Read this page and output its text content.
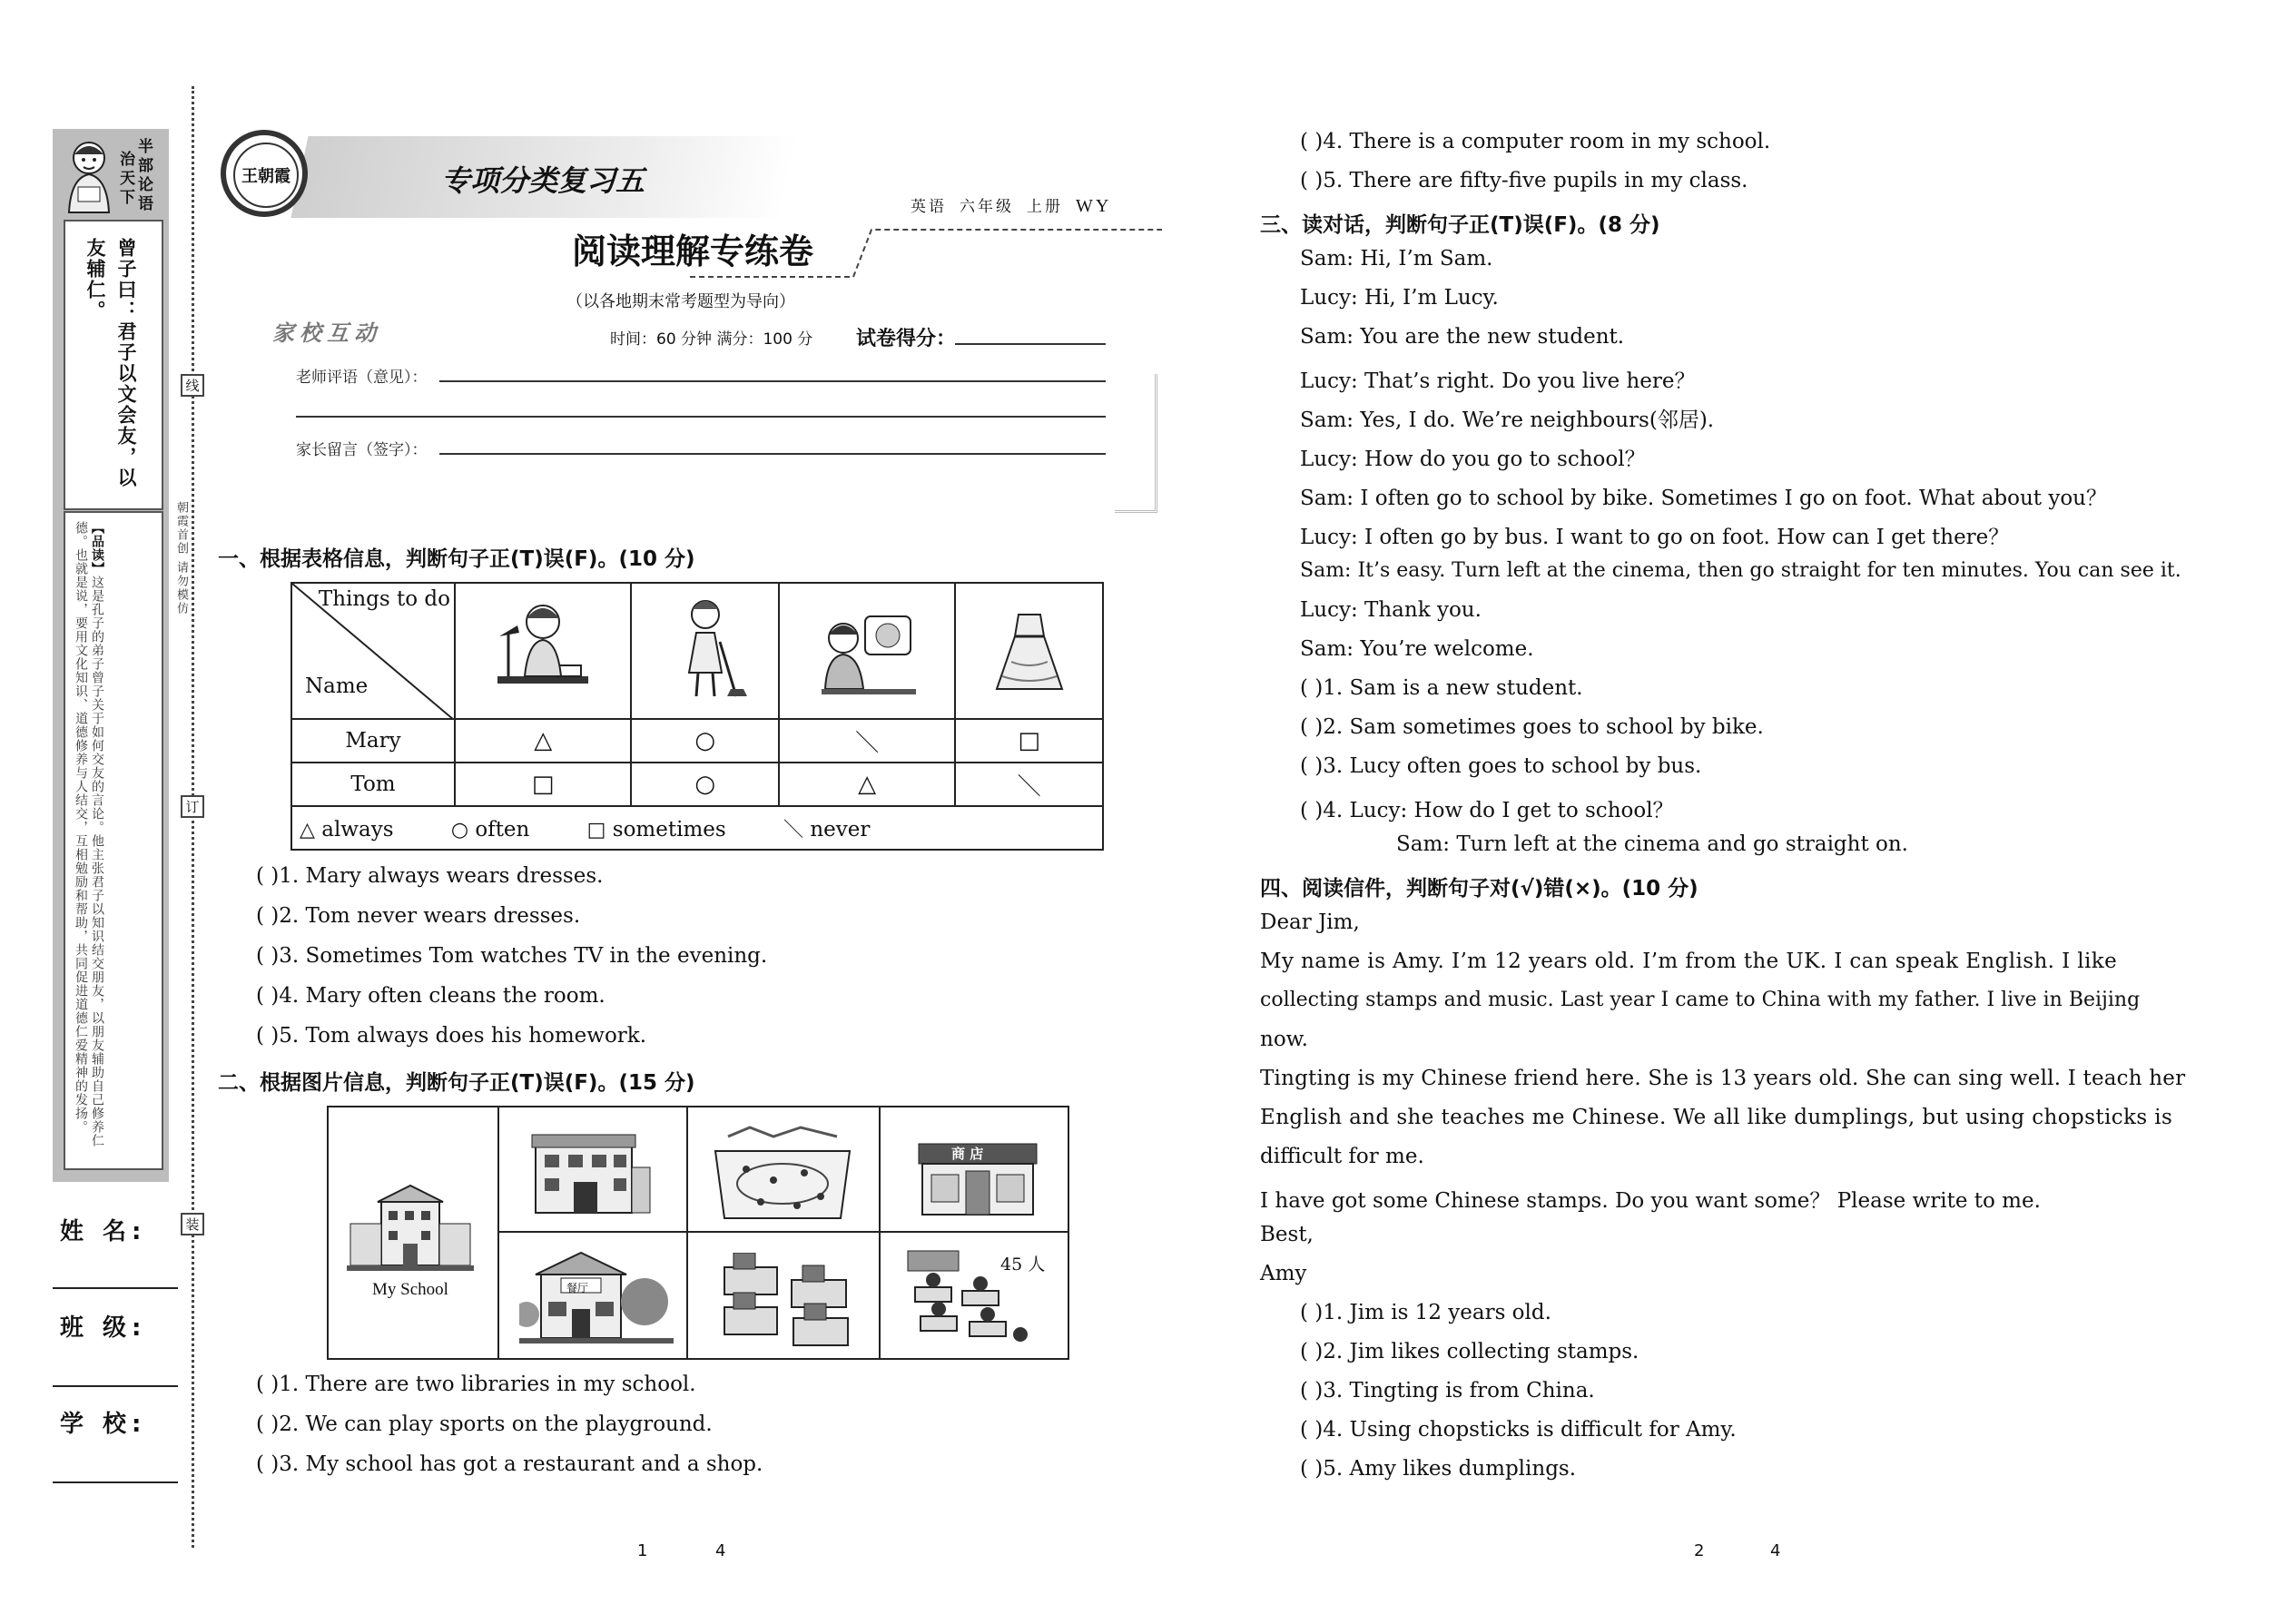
半部论语
治天下
曾子曰：君子以文会友，以友辅仁。
【品读】这是孔子的弟子曾子关于如何交友的言论。他主张君子以知识结交朋友，以朋友辅助自己修养仁德。也就是说，要用文化知识、道德修养与人结交，互相勉励和帮助，共同促进道德仁爱精神的发扬。
线
订
装
朝霞首创 请勿模仿
姓 名:
班 级:
学 校:
王朝霞	专项分类复习五
阅读理解专练卷
（以各地期末常考题型为导向）
英语 六年级 上册 WY
家校互动	时间：60 分钟 满分：100 分 试卷得分：
老师评语（意见）：
家长留言（签字）：
一、根据表格信息，判断句子正(T)误(F)。(10 分)
Things to do
Name

Mary	△	○	＼	□
Tom	□	○	△	＼
△ always ○ often □ sometimes ＼ never				
( )1. Mary always wears dresses.
( )2. Tom never wears dresses.
( )3. Sometimes Tom watches TV in the evening.
( )4. Mary often cleans the room.
( )5. Tom always does his homework.
二、根据图片信息，判断句子正(T)误(F)。(15 分)
My School
商 店
餐厅
45 人
( )1. There are two libraries in my school.
( )2. We can play sports on the playground.
( )3. My school has got a restaurant and a shop.
1	4
( )4. There is a computer room in my school.
( )5. There are fifty-five pupils in my class.
三、读对话，判断句子正(T)误(F)。(8 分)
Sam: Hi, I’m Sam.
Lucy: Hi, I’m Lucy.
Sam: You are the new student.
Lucy: That’s right. Do you live here？
Sam: Yes, I do. We’re neighbours(邻居).
Lucy: How do you go to school？
Sam: I often go to school by bike. Sometimes I go on foot. What about you？
Lucy: I often go by bus. I want to go on foot. How can I get there？
Sam: It’s easy. Turn left at the cinema, then go straight for ten minutes. You can see it.
Lucy: Thank you.
Sam: You’re welcome.
( )1. Sam is a new student.
( )2. Sam sometimes goes to school by bike.
( )3. Lucy often goes to school by bus.
( )4. Lucy: How do I get to school？
Sam: Turn left at the cinema and go straight on.
四、阅读信件，判断句子对(√)错(×)。(10 分)
Dear Jim,
My name is Amy. I’m 12 years old. I’m from the UK. I can speak English. I like
collecting stamps and music. Last year I came to China with my father. I live in Beijing
now.
Tingting is my Chinese friend here. She is 13 years old. She can sing well. I teach her
English and she teaches me Chinese. We all like dumplings, but using chopsticks is
difficult for me.
I have got some Chinese stamps. Do you want some？ Please write to me.
Best,
Amy
( )1. Jim is 12 years old.
( )2. Jim likes collecting stamps.
( )3. Tingting is from China.
( )4. Using chopsticks is difficult for Amy.
( )5. Amy likes dumplings.
2	4
